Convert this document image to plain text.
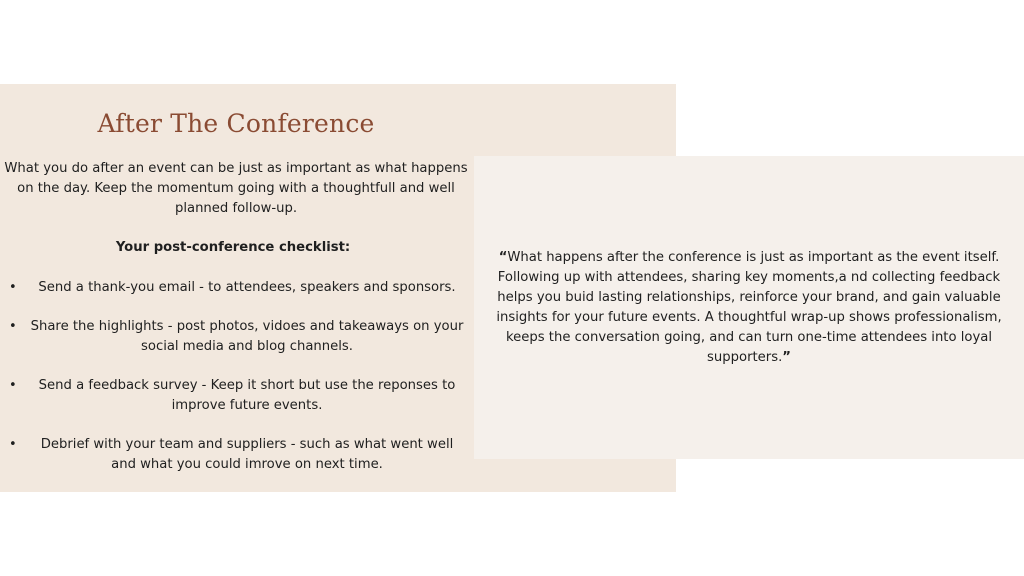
After The Conference

What you do after an event can be just as important as what happens on the day. Keep the momentum going with a thoughtfull and well planned follow-up.

Your post-conference checklist:

•	Send a thank-you email - to attendees, speakers and sponsors.
• Share the highlights - post photos, vidoes and takeaways on your social media and blog channels.
•	Send a feedback survey - Keep it short but use the reponses to improve future events.
•	Debrief with your team and suppliers - such as what went well and what you could imrove on next time.

“What happens after the conference is just as important as the event itself. Following up with attendees, sharing key moments,a nd collecting feedback helps you buid lasting relationships, reinforce your brand, and gain valuable insights for your future events. A thoughtful wrap-up shows professionalism, keeps the conversation going, and can turn one-time attendees into loyal supporters.”
